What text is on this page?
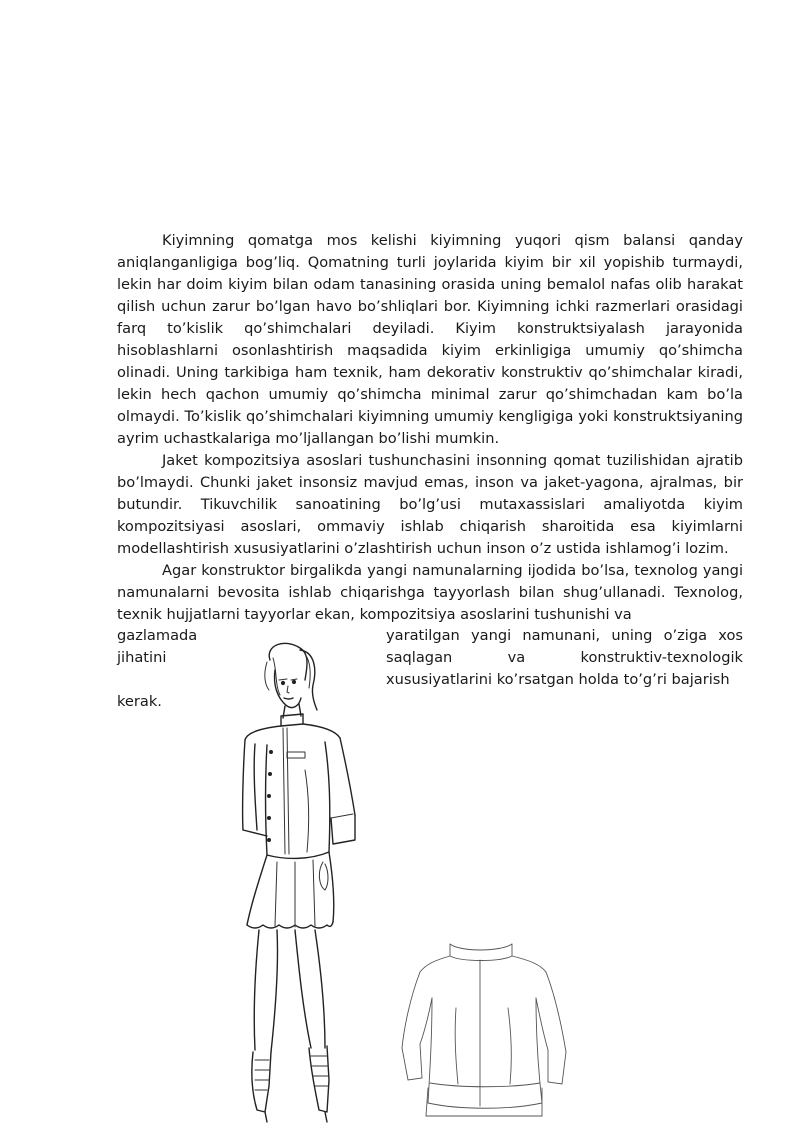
Kiyimning qomatga mos kelishi kiyimning yuqori qism balansi qanday aniqlanganligiga bog’liq. Qomatning turli joylarida kiyim bir xil yopishib turmaydi, lekin har doim kiyim bilan odam tanasining orasida uning bemalol nafas olib harakat qilish uchun zarur bo’lgan havo bo’shliqlari bor. Kiyimning ichki razmerlari orasidagi farq to’kislik qo’shimchalari deyiladi. Kiyim konstruktsiyalash jarayonida hisoblashlarni osonlashtirish maqsadida kiyim erkinligiga umumiy qo’shimcha olinadi. Uning tarkibiga ham texnik, ham dekorativ konstruktiv qo’shimchalar kiradi, lekin hech qachon umumiy qo’shimcha minimal zarur qo’shimchadan kam bo’la olmaydi. To’kislik qo’shimchalari kiyimning umumiy kengligiga yoki konstruktsiyaning ayrim uchastkalariga mo’ljallangan bo’lishi mumkin.

Jaket kompozitsiya asoslari tushunchasini insonning qomat tuzilishidan ajratib bo’lmaydi. Chunki jaket insonsiz mavjud emas, inson va jaket-yagona, ajralmas, bir butundir. Tikuvchilik sanoatining bo’lg’usi mutaxassislari amaliyotda kiyim kompozitsiyasi asoslari, ommaviy ishlab chiqarish sharoitida esa kiyimlarni modellashtirish xususiyatlarini o’zlashtirish uchun inson o’z ustida ishlamog’i lozim.

Agar konstruktor birgalikda yangi namunalarning ijodida bo’lsa, texnolog yangi namunalarni bevosita ishlab chiqarishga tayyorlash bilan shug’ullanadi. Texnolog, texnik hujjatlarni tayyorlar ekan, kompozitsiya asoslarini tushunishi va

gazlamada	yaratilgan yangi namunani, uning o’ziga xos
jihatini	saqlagan va konstruktiv-texnologik
xususiyatlarini ko’rsatgan holda to’g’ri bajarish
kerak.
